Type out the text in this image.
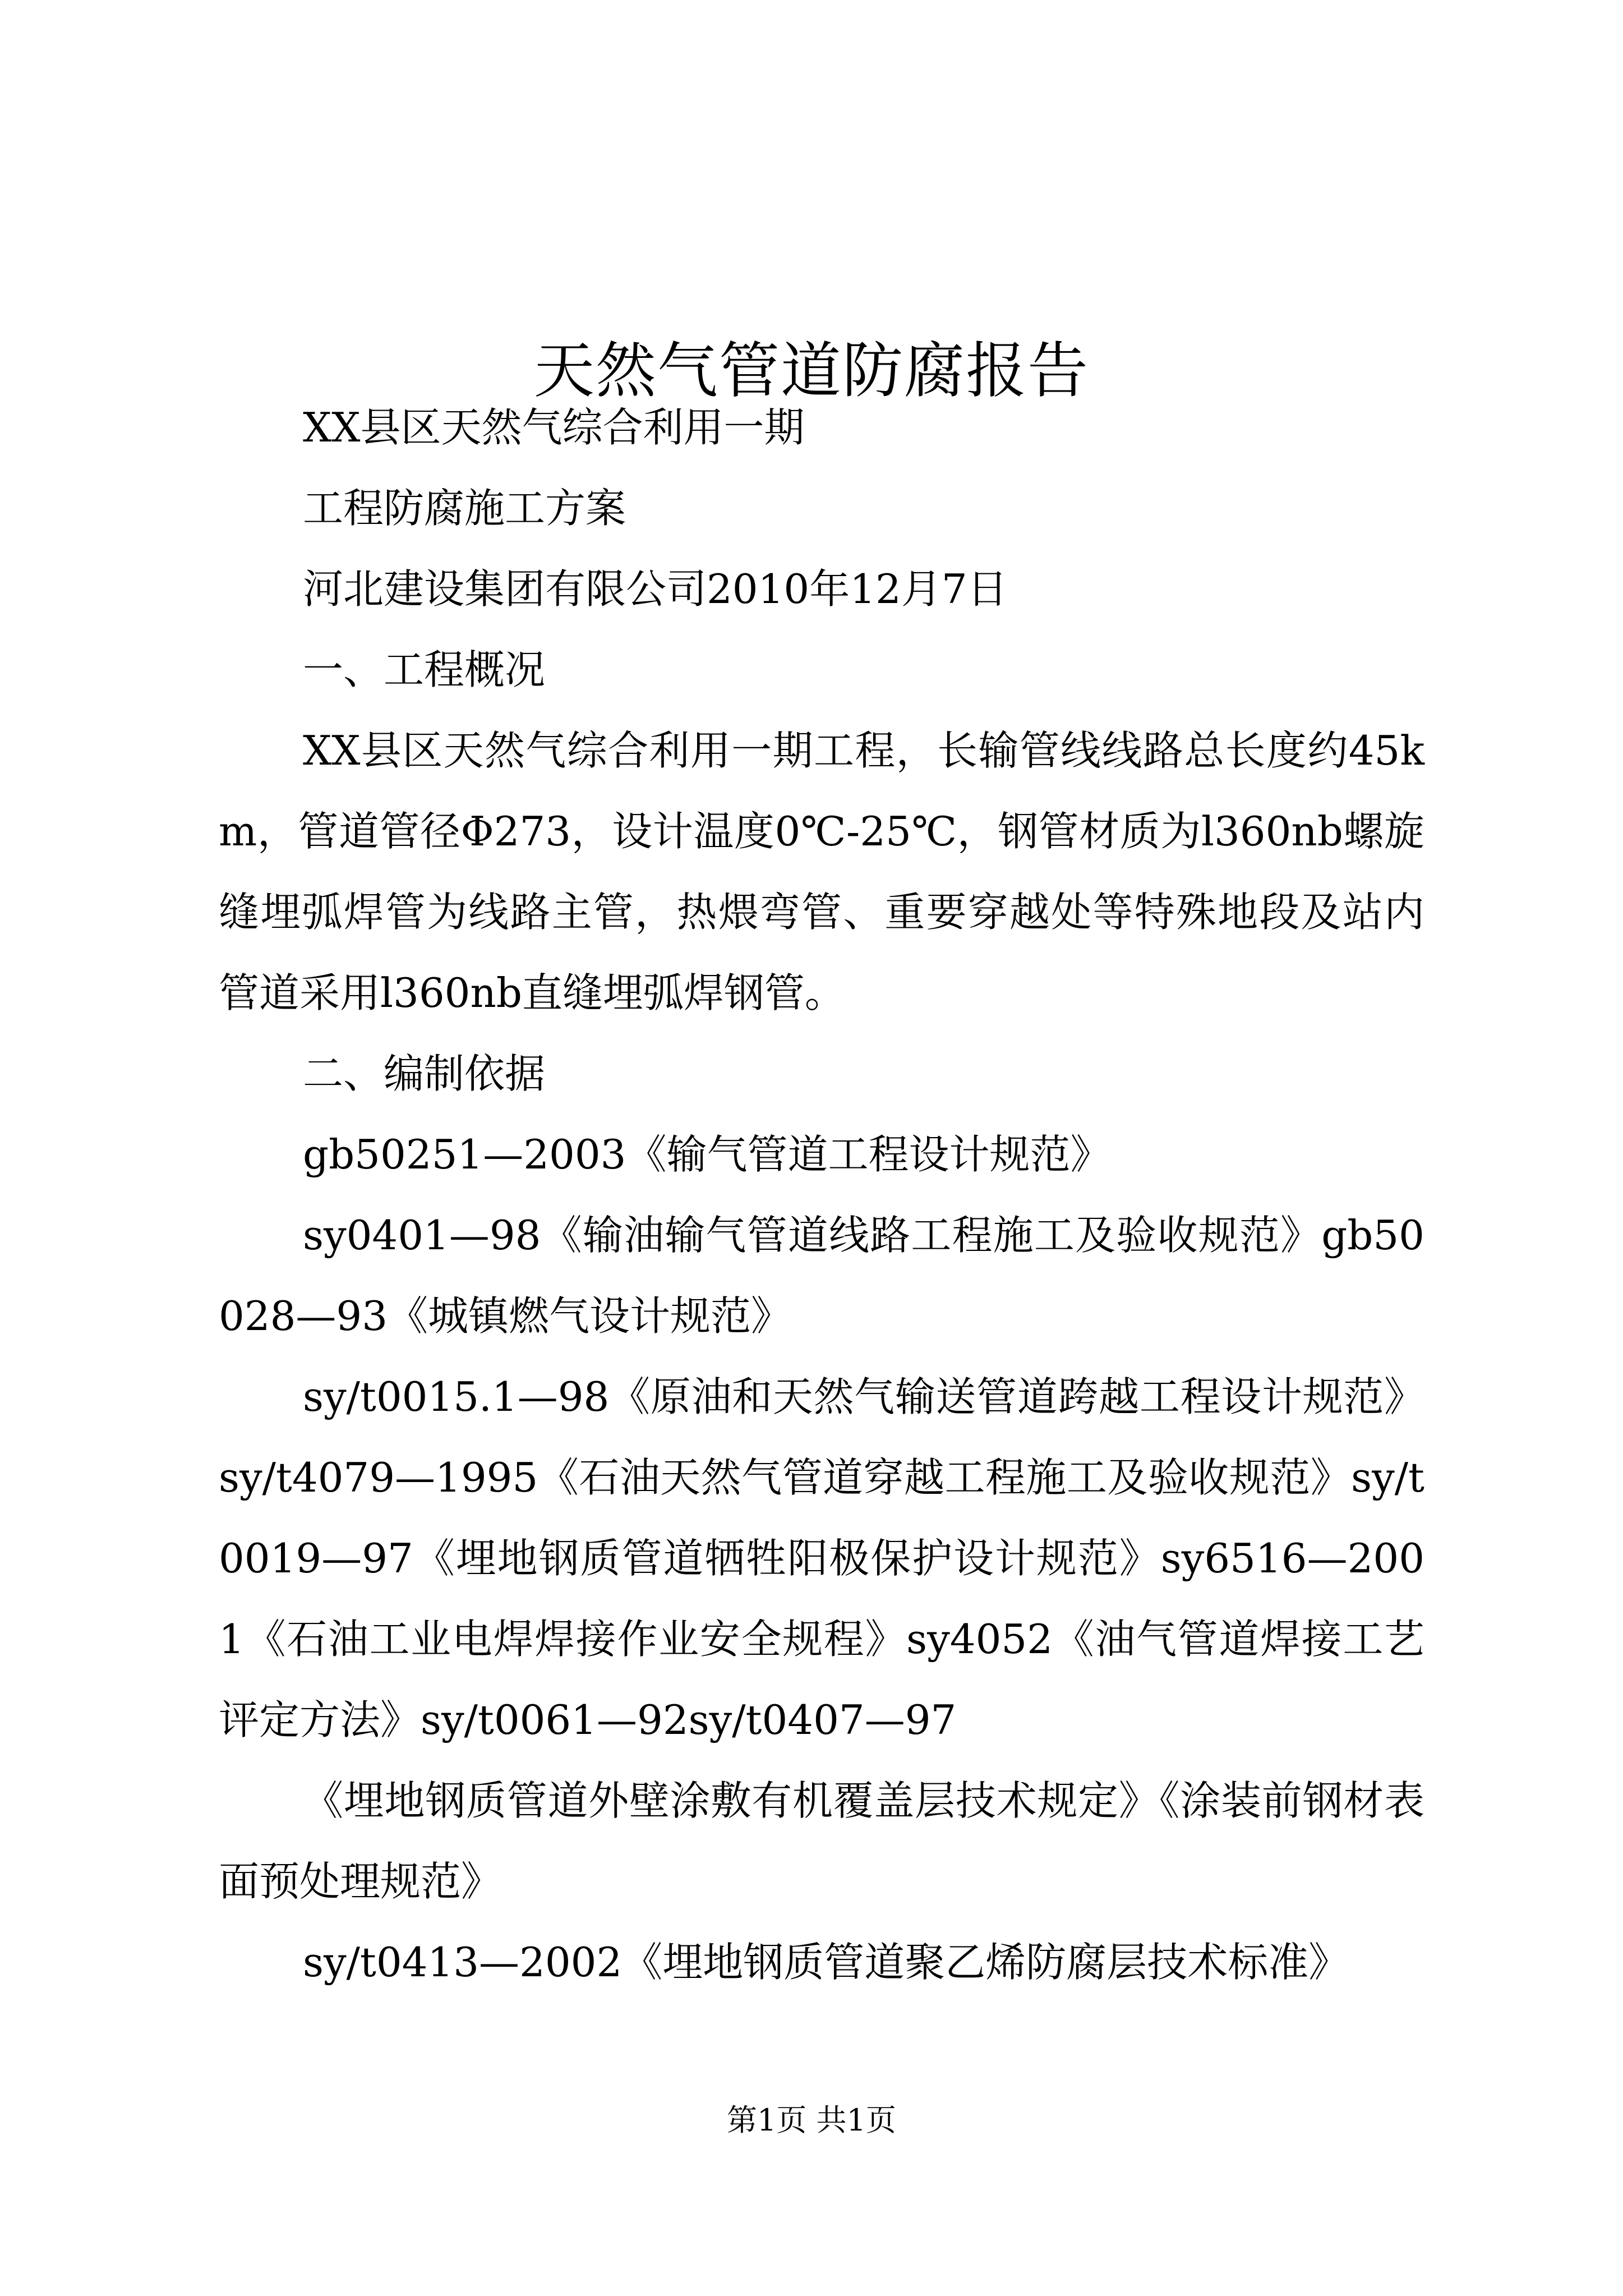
天然气管道防腐报告

XX县区天然气综合利用一期

工程防腐施工方案

河北建设集团有限公司2010年12月7日

一、工程概况

XX县区天然气综合利用一期工程，长输管线线路总长度约45km，管道管径Φ273，设计温度0℃-25℃，钢管材质为l360nb螺旋缝埋弧焊管为线路主管，热煨弯管、重要穿越处等特殊地段及站内管道采用l360nb直缝埋弧焊钢管。

二、编制依据

gb50251—2003《输气管道工程设计规范》

sy0401—98《输油输气管道线路工程施工及验收规范》gb50028—93《城镇燃气设计规范》

sy/t0015.1—98《原油和天然气输送管道跨越工程设计规范》sy/t4079—1995《石油天然气管道穿越工程施工及验收规范》sy/t0019—97《埋地钢质管道牺牲阳极保护设计规范》sy6516—2001《石油工业电焊焊接作业安全规程》sy4052《油气管道焊接工艺评定方法》sy/t0061—92sy/t0407—97

《埋地钢质管道外壁涂敷有机覆盖层技术规定》《涂装前钢材表面预处理规范》

sy/t0413—2002《埋地钢质管道聚乙烯防腐层技术标准》

第1页 共1页
